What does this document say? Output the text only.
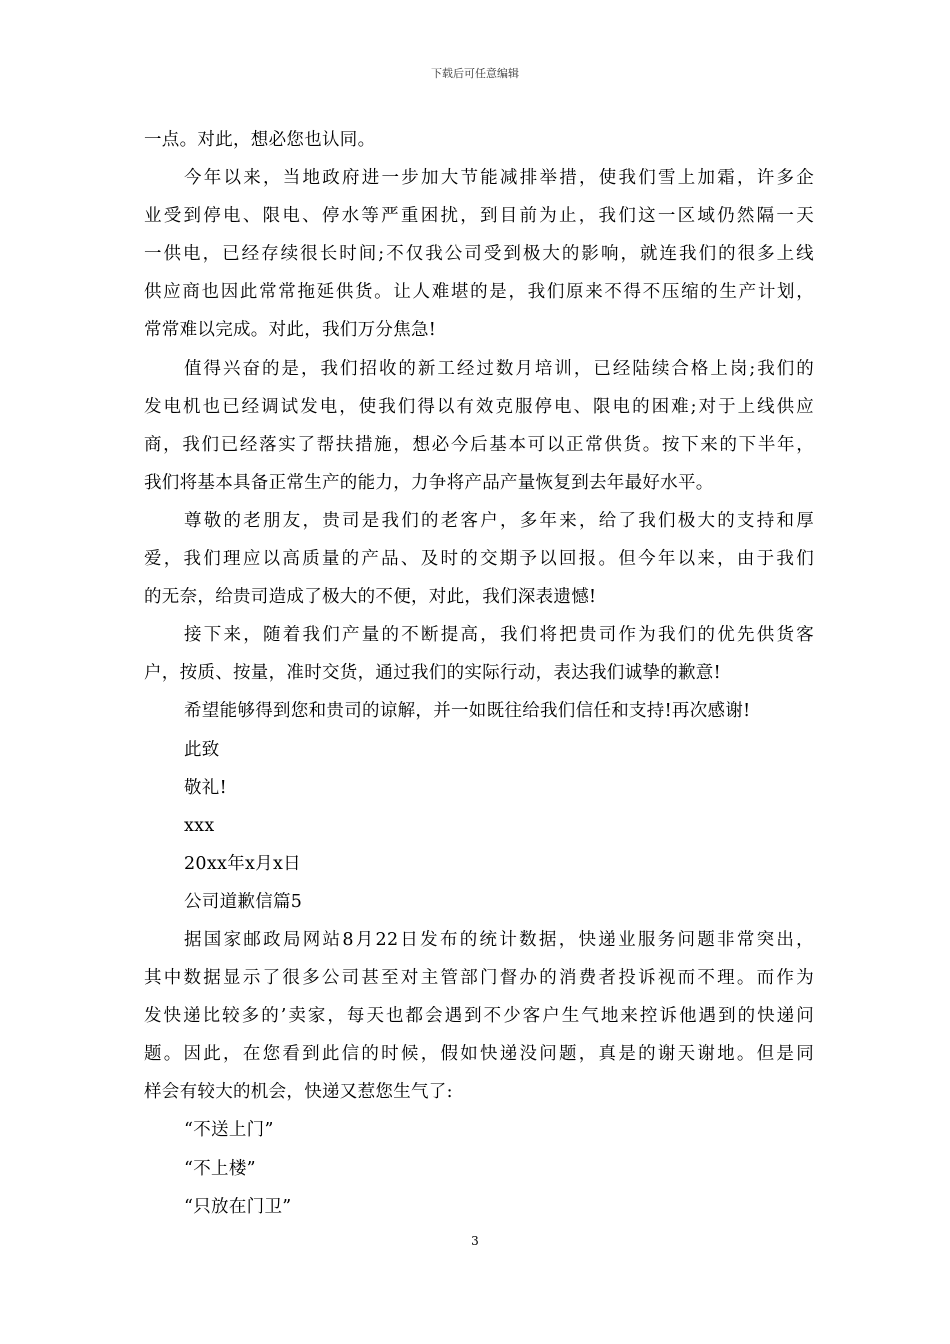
下载后可任意编辑
一点。对此，想必您也认同。
今年以来，当地政府进一步加大节能减排举措，使我们雪上加霜，许多企
业受到停电、限电、停水等严重困扰，到目前为止，我们这一区域仍然隔一天
一供电，已经存续很长时间;不仅我公司受到极大的影响，就连我们的很多上线
供应商也因此常常拖延供货。让人难堪的是，我们原来不得不压缩的生产计划，
常常难以完成。对此，我们万分焦急!
值得兴奋的是，我们招收的新工经过数月培训，已经陆续合格上岗;我们的
发电机也已经调试发电，使我们得以有效克服停电、限电的困难;对于上线供应
商，我们已经落实了帮扶措施，想必今后基本可以正常供货。按下来的下半年，
我们将基本具备正常生产的能力，力争将产品产量恢复到去年最好水平。
尊敬的老朋友，贵司是我们的老客户，多年来，给了我们极大的支持和厚
爱，我们理应以高质量的产品、及时的交期予以回报。但今年以来，由于我们
的无奈，给贵司造成了极大的不便，对此，我们深表遗憾!
接下来，随着我们产量的不断提高，我们将把贵司作为我们的优先供货客
户，按质、按量，准时交货，通过我们的实际行动，表达我们诚挚的歉意!
希望能够得到您和贵司的谅解，并一如既往给我们信任和支持!再次感谢!
此致
敬礼!
xxx
20xx年x月x日
公司道歉信篇5
据国家邮政局网站8月22日发布的统计数据，快递业服务问题非常突出，
其中数据显示了很多公司甚至对主管部门督办的消费者投诉视而不理。而作为
发快递比较多的’卖家，每天也都会遇到不少客户生气地来控诉他遇到的快递问
题。因此，在您看到此信的时候，假如快递没问题，真是的谢天谢地。但是同
样会有较大的机会，快递又惹您生气了:
“不送上门”
“不上楼”
“只放在门卫”
3
